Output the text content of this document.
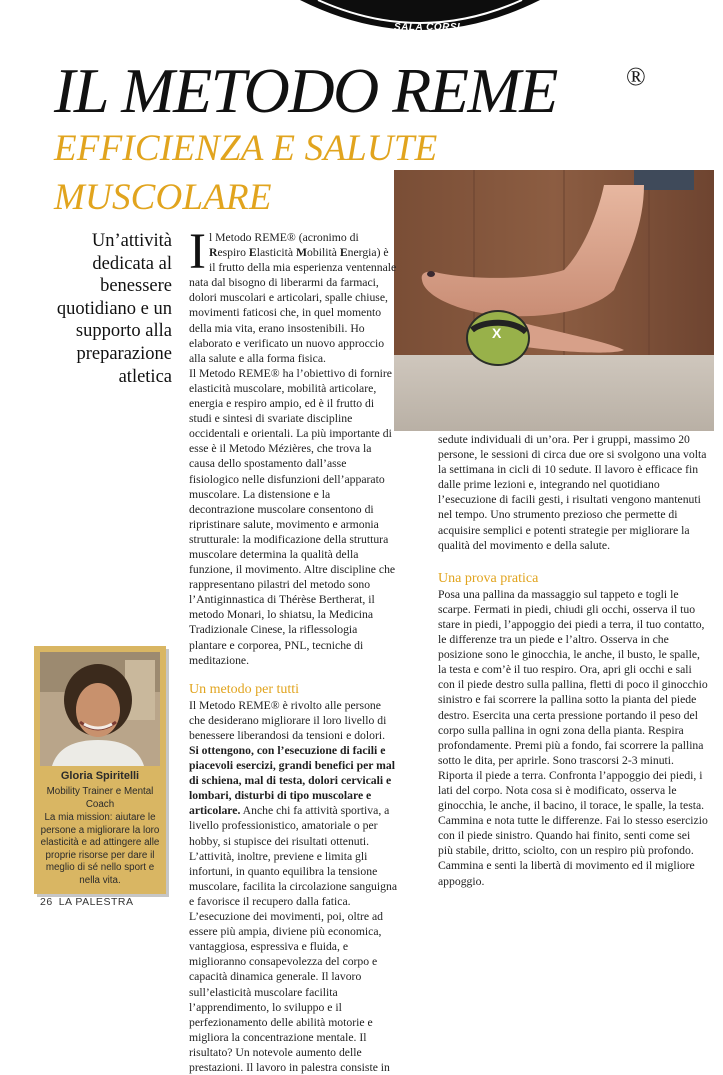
SALA CORSI
IL METODO REME	®
EFFICIENZA E SALUTE
MUSCOLARE

Un’attività dedicata al benessere quotidiano e un supporto alla preparazione atletica

X

Il Metodo REME® (acronimo di Respiro Elasticità Mobilità Energia) è il frutto della mia esperienza ventennale nata dal bisogno di liberarmi da farmaci, dolori muscolari e articolari, spalle chiuse, movimenti faticosi che, in quel momento della mia vita, erano insostenibili. Ho elaborato e verificato un nuovo approccio alla salute e alla forma fisica.

Il Metodo REME® ha l’obiettivo di fornire elasticità muscolare, mobilità articolare, energia e respiro ampio, ed è il frutto di studi e sintesi di svariate discipline occidentali e orientali. La più importante di esse è il Metodo Mézières, che trova la causa dello spostamento dall’asse fisiologico nelle disfunzioni dell’apparato muscolare. La distensione e la decontrazione muscolare consentono di ripristinare salute, movimento e armonia strutturale: la modificazione della struttura muscolare determina la qualità della funzione, il movimento. Altre discipline che rappresentano pilastri del metodo sono l’Antiginnastica di Thérèse Bertherat, il metodo Monari, lo shiatsu, la Medicina Tradizionale Cinese, la riflessologia plantare e corporea, PNL, tecniche di meditazione.

Un metodo per tutti

Il Metodo REME® è rivolto alle persone che desiderano migliorare il loro livello di benessere liberandosi da tensioni e dolori. Si ottengono, con l’esecuzione di facili e piacevoli esercizi, grandi benefici per mal di schiena, mal di testa, dolori cervicali e lombari, disturbi di tipo muscolare e articolare. Anche chi fa attività sportiva, a livello professionistico, amatoriale o per hobby, si stupisce dei risultati ottenuti. L’attività, inoltre, previene e limita gli infortuni, in quanto equilibra la tensione muscolare, facilita la circolazione sanguigna e favorisce il recupero dalla fatica. L’esecuzione dei movimenti, poi, oltre ad essere più ampia, diviene più economica, vantaggiosa, espressiva e fluida, e miglioranno consapevolezza del corpo e capacità dinamica generale. Il lavoro sull’elasticità muscolare facilita l’apprendimento, lo sviluppo e il perfezionamento delle abilità motorie e migliora la concentrazione mentale. Il risultato? Un notevole aumento delle prestazioni. Il lavoro in palestra consiste in

sedute individuali di un’ora. Per i gruppi, massimo 20 persone, le sessioni di circa due ore si svolgono una volta la settimana in cicli di 10 sedute. Il lavoro è efficace fin dalle prime lezioni e, integrando nel quotidiano l’esecuzione di facili gesti, i risultati vengono mantenuti nel tempo. Uno strumento prezioso che permette di acquisire semplici e potenti strategie per migliorare la qualità del movimento e della salute.

Una prova pratica

Posa una pallina da massaggio sul tappeto e togli le scarpe. Fermati in piedi, chiudi gli occhi, osserva il tuo stare in piedi, l’appoggio dei piedi a terra, il tuo contatto, le differenze tra un piede e l’altro. Osserva in che posizione sono le ginocchia, le anche, il busto, le spalle, la testa e com’è il tuo respiro. Ora, apri gli occhi e sali con il piede destro sulla pallina, fletti di poco il ginocchio sinistro e fai scorrere la pallina sotto la pianta del piede destro. Esercita una certa pressione portando il peso del corpo sulla pallina in ogni zona della pianta. Respira profondamente. Premi più a fondo, fai scorrere la pallina sotto le dita, per aprirle. Sono trascorsi 2-3 minuti. Riporta il piede a terra. Confronta l’appoggio dei piedi, i lati del corpo. Nota cosa si è modificato, osserva le ginocchia, le anche, il bacino, il torace, le spalle, la testa. Cammina e nota tutte le differenze. Fai lo stesso esercizio con il piede sinistro. Quando hai finito, senti come sei più stabile, dritto, sciolto, con un respiro più profondo. Cammina e senti la libertà di movimento ed il migliore appoggio.

Gloria Spiritelli
Mobility Trainer e Mental Coach
La mia mission: aiutare le persone a migliorare la loro elasticità e ad attingere alle proprie risorse per dare il meglio di sé nello sport e nella vita.
26 LA PALESTRA
